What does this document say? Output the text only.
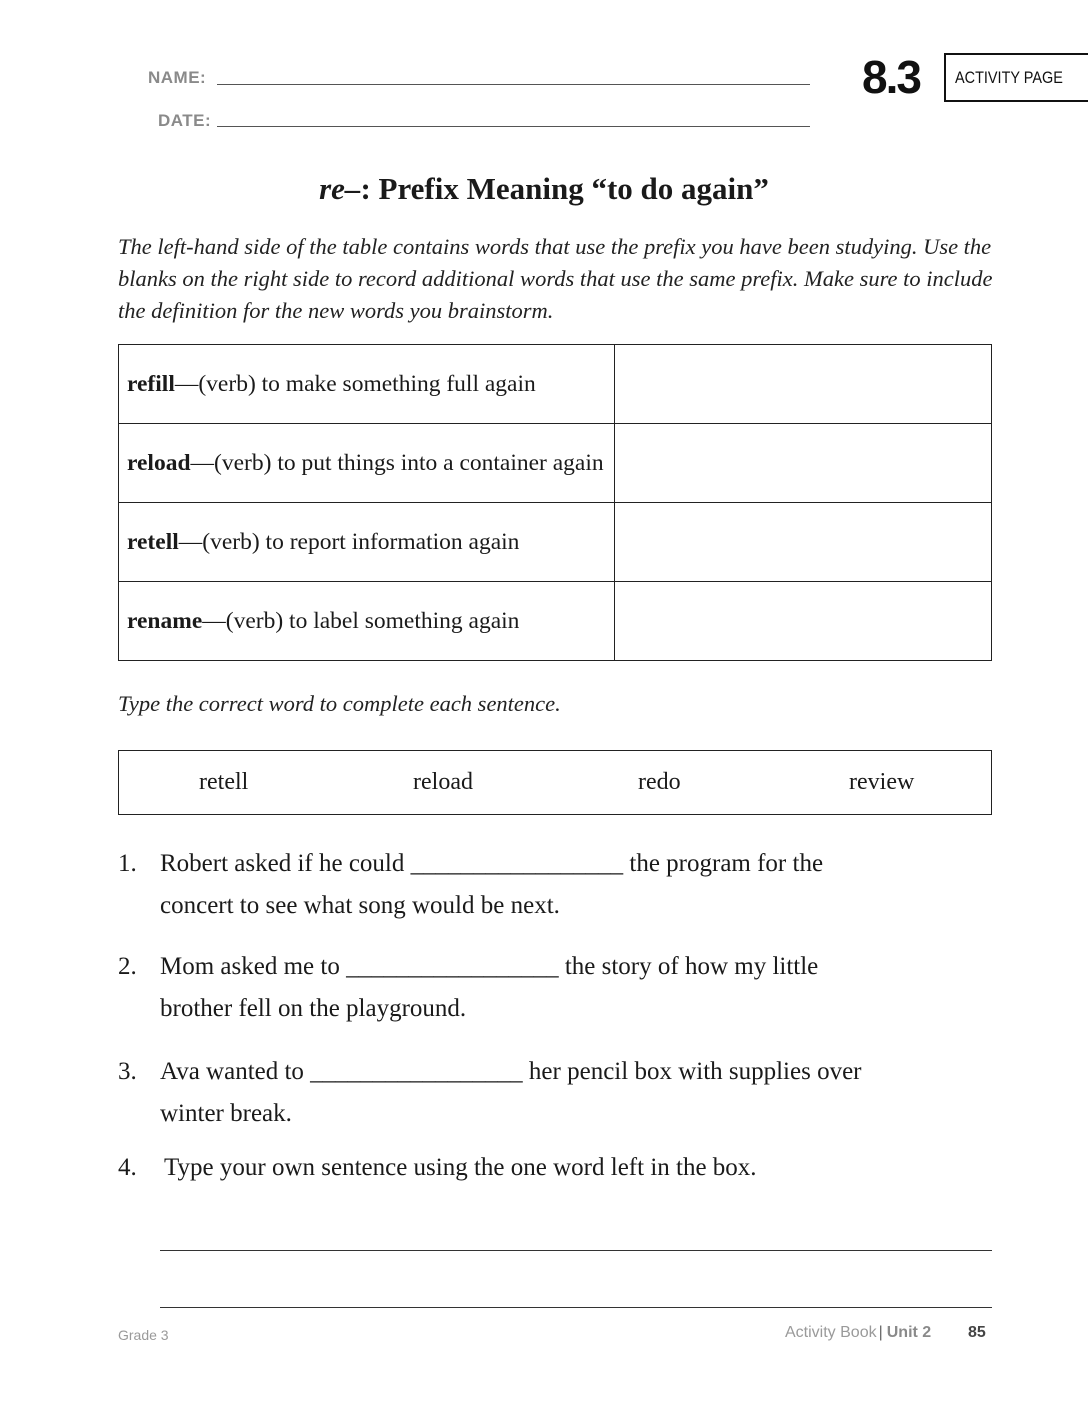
NAME:
DATE:
8.3	ACTIVITY PAGE
re–: Prefix Meaning “to do again”
The left-hand side of the table contains words that use the prefix you have been studying. Use the blanks on the right side to record additional words that use the same prefix. Make sure to include the definition for the new words you brainstorm.
refill—(verb) to make something full again	
reload—(verb) to put things into a container again	
retell—(verb) to report information again	
rename—(verb) to label something again	
Type the correct word to complete each sentence.
retell	reload	redo	review
1. Robert asked if he could _________________ the program for the
concert to see what song would be next.
2. Mom asked me to _________________ the story of how my little
brother fell on the playground.
3. Ava wanted to _________________ her pencil box with supplies over
winter break.
4.	Type your own sentence using the one word left in the box.
Grade 3	Activity Book | Unit 2 85
